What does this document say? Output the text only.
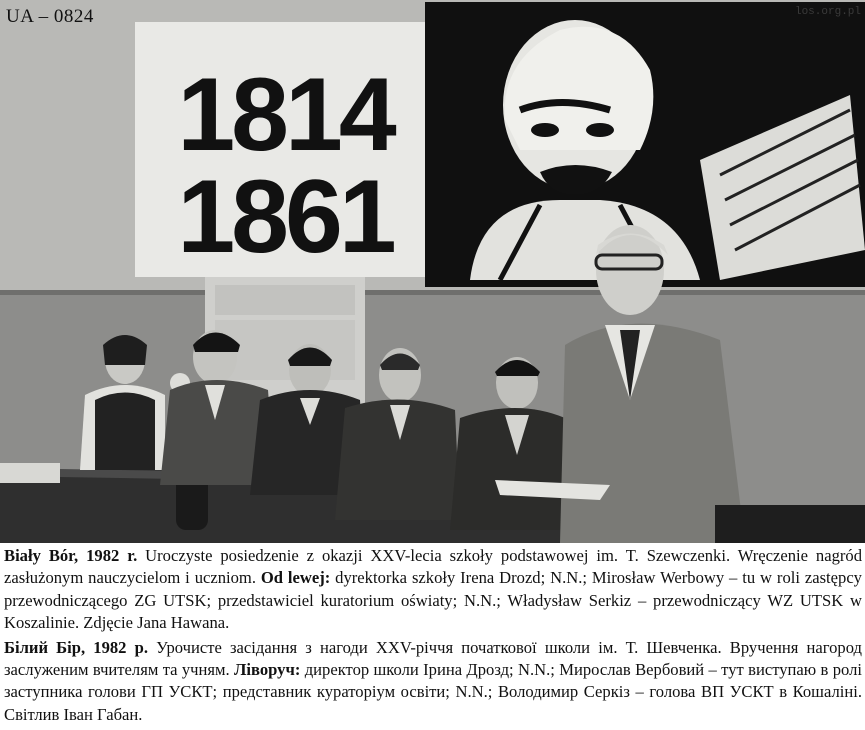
1814
1861
UA – 0824	los.org.pl

Biały Bór, 1982 r. Uroczyste posiedzenie z okazji XXV-lecia szkoły podstawowej im. T. Szewczenki. Wręczenie nagród zasłużonym nauczycielom i uczniom. Od lewej: dyrektorka szkoły Irena Drozd; N.N.; Mirosław Werbowy – tu w roli zastępcy przewodniczącego ZG UTSK; przedstawiciel kuratorium oświaty; N.N.; Władysław Serkiz – przewodniczący WZ UTSK w Koszalinie. Zdjęcie Jana Hawana.

Білий Бір, 1982 р. Урочисте засідання з нагоди XXV-річчя початкової школи ім. Т. Шевченка. Вручення нагород заслуженим вчителям та учням. Ліворуч: директор школи Ірина Дрозд; N.N.; Мирослав Вербовий – тут виступаю в ролі заступника голови ГП УСКТ; представник кураторіум освіти; N.N.; Володимир Серкіз – голова ВП УСКТ в Кошаліні. Світлив Іван Габан.
